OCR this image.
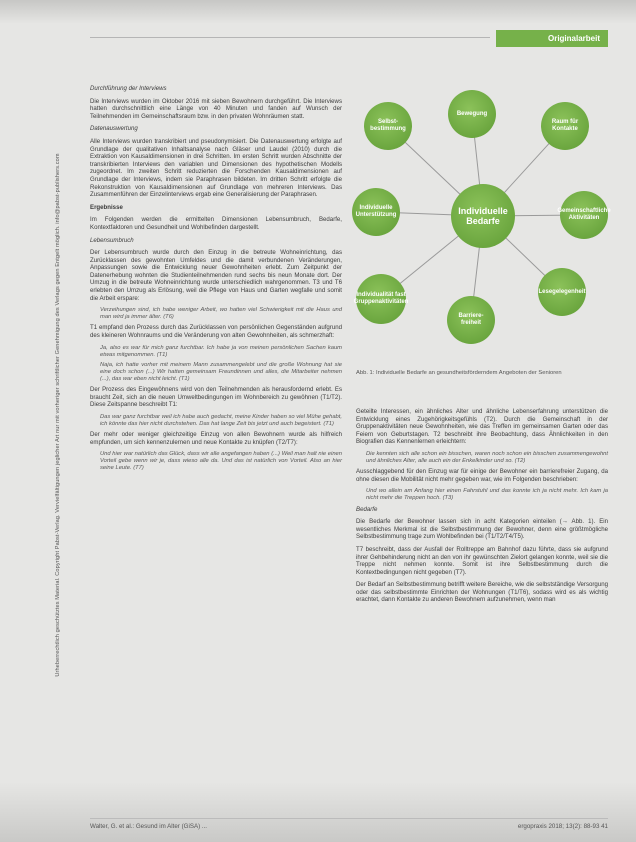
Urheberrechtlich geschütztes Material. Copyright Pabst-Verlag. Vervielfältigungen jeglicher Art nur mit vorheriger schriftlicher Genehmigung des Verlags gegen Entgelt möglich. info@pabst-publishers.com
Originalarbeit

Durchführung der Interviews

Die Interviews wurden im Oktober 2016 mit sieben Bewohnern durchgeführt. Die Interviews hatten durchschnittlich eine Länge von 40 Minuten und fanden auf Wunsch der Teilnehmenden im Gemeinschaftsraum bzw. in den privaten Wohnräumen statt.

Datenauswertung

Alle Interviews wurden transkribiert und pseudonymisiert. Die Datenauswertung erfolgte auf Grundlage der qualitativen Inhaltsanalyse nach Gläser und Laudel (2010) durch die Extraktion von Kausaldimensionen in drei Schritten. Im ersten Schritt wurden Abschnitte der transkribierten Interviews den variablen und Dimensionen des hypothetischen Modells zugeordnet. Im zweiten Schritt reduzierten die Forschenden Kausaldimensionen auf Grundlage der Interviews, indem sie Paraphrasen bildeten. Im dritten Schritt erfolgte die Rekonstruktion von Kausaldimensionen auf Grundlage von mehreren Interviews. Das Zusammenführen der Einzelinterviews ergab eine Generalisierung der Paraphrasen.

Ergebnisse

Im Folgenden werden die ermittelten Dimensionen Lebensumbruch, Bedarfe, Kontextfaktoren und Gesundheit und Wohlbefinden dargestellt.

Lebensumbruch

Der Lebensumbruch wurde durch den Einzug in die betreute Wohneinrichtung, das Zurücklassen des gewohnten Umfeldes und die damit verbundenen Veränderungen, Anpassungen sowie die Entwicklung neuer Gewohnheiten erlebt. Zum Zeitpunkt der Datenerhebung wohnten die Studienteilnehmenden rund sechs bis neun Monate dort. Der Umzug in die betreute Wohneinrichtung wurde unterschiedlich wahrgenommen. T3 und T6 erlebten den Umzug als Erlösung, weil die Pflege von Haus und Garten wegfalle und somit die Arbeit erspare:

Verzeihungen sind, ich habe weniger Arbeit, wo hatten viel Schwierigkeit mit die Haus und man wird ja immer älter. (T6)

T1 empfand den Prozess durch das Zurücklassen von persönlichen Gegenständen aufgrund des kleineren Wohnraums und die Veränderung von alten Gewohnheiten, als schmerzhaft:

Ja, also es war für mich ganz furchtbar. Ich habe ja von meinen persönlichen Sachen kaum etwas mitgenommen. (T1)
Naja, ich hatte vorher mit meinem Mann zusammengelebt und die große Wohnung hat sie eine doch schon (...) Wir hatten gemeinsam Freundinnen und alles, die Mitarbeiter nehmen (...), das war eben nicht leicht. (T1)

Der Prozess des Eingewöhnens wird von den Teilnehmenden als herausfordernd erlebt. Es braucht Zeit, sich an die neuen Umweltbedingungen im Wohnbereich zu gewöhnen (T1/T2). Diese Zeitspanne beschreibt T1:

Das war ganz furchtbar weil ich habe auch gedacht, meine Kinder haben so viel Mühe gehabt, ich könnte das hier nicht durchstehen. Das hat lange Zeit bis jetzt und auch begeistert. (T1)

Der mehr oder weniger gleichzeitige Einzug von allen Bewohnern wurde als hilfreich empfunden, um sich kennenzulernen und neue Kontakte zu knüpfen (T2/T7):

Und hier war natürlich das Glück, dass wir alle angefangen haben (...) Weil man halt nie einen Vorteil gebe wenn wir je, dass wieso alle da. Und das ist natürlich von Vorteil. Also an hier seine Leute. (T7)
Individuelle Bedarfe
Bewegung
Raum für Kontakte
Gemeinschaftliche Aktivitäten
Lesegelegenheit
Barriere-freiheit
Individualität fast Gruppenaktivitäten
Individuelle Unterstützung
Selbst-bestimmung
Abb. 1: Individuelle Bedarfe an gesundheitsförderndem Angeboten der Senioren

Geteilte Interessen, ein ähnliches Alter und ähnliche Lebenserfahrung unterstützen die Entwicklung eines Zugehörigkeitsgefühls (T2). Durch die Gemeinschaft in der Gruppenaktivitäten neue Gewohnheiten, wie das Treffen im gemeinsamen Garten oder das Feiern von Geburtstagen. T2 beschreibt ihre Beobachtung, dass Ähnlichkeiten in den Biografien das Kennenlernen erleichtern:

Die kennten sich alle schon ein bisschen, waren noch schon ein bisschen zusammengewohnt und ähnliches Alter, alle auch ein der Enkelkinder und so. (T2)

Ausschlaggebend für den Einzug war für einige der Bewohner ein barrierefreier Zugang, da ohne diesen die Mobilität nicht mehr gegeben war, wie im Folgenden beschrieben:

Und wo allein am Anfang hier einen Fahrstuhl und das konnte ich ja nicht mehr. Ich kam ja nicht mehr die Treppen hoch. (T3)

Bedarfe

Die Bedarfe der Bewohner lassen sich in acht Kategorien einteilen (→ Abb. 1). Ein wesentliches Merkmal ist die Selbstbestimmung der Bewohner, denn eine größtmögliche Selbstbestimmung trage zum Wohlbefinden bei (T1/T2/T4/T5).

T7 beschreibt, dass der Ausfall der Rolltreppe am Bahnhof dazu führte, dass sie aufgrund ihrer Gehbehinderung nicht an den von ihr gewünschten Zielort gelangen konnte, weil sie die Treppe nicht nehmen konnte. Somit ist ihre Selbstbestimmung durch die Kontextbedingungen nicht gegeben (T7).

Der Bedarf an Selbstbestimmung betrifft weitere Bereiche, wie die selbstständige Versorgung oder das selbstbestimmte Einrichten der Wohnungen (T1/T6), sodass wird es als wichtig erachtet, dann Kontakte zu anderen Bewohnern aufzunehmen, wenn man

Walter, G. et al.: Gesund im Alter (GiSA) ...	ergopraxis 2018; 13(2): 88-93 41
